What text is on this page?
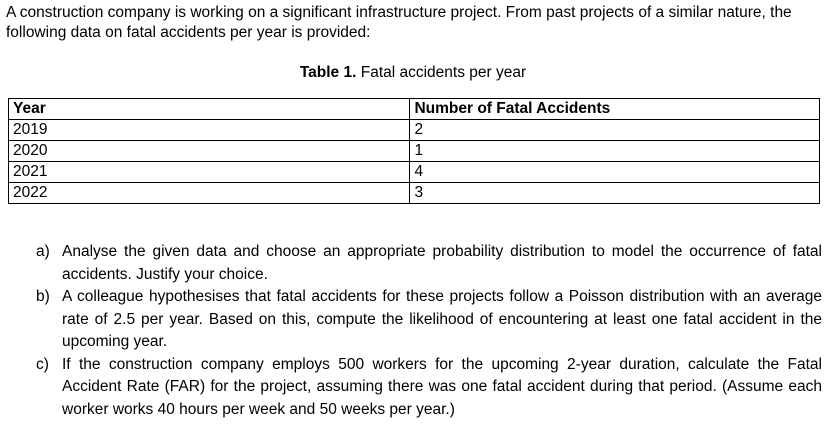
A construction company is working on a significant infrastructure project. From past projects of a similar nature, the following data on fatal accidents per year is provided:

Table 1. Fatal accidents per year

Year	Number of Fatal Accidents
2019	2
2020	1
2021	4
2022	3
a) Analyse the given data and choose an appropriate probability distribution to model the occurrence of fatal accidents. Justify your choice.
b) A colleague hypothesises that fatal accidents for these projects follow a Poisson distribution with an average rate of 2.5 per year. Based on this, compute the likelihood of encountering at least one fatal accident in the upcoming year.
c) If the construction company employs 500 workers for the upcoming 2-year duration, calculate the Fatal Accident Rate (FAR) for the project, assuming there was one fatal accident during that period. (Assume each worker works 40 hours per week and 50 weeks per year.)
